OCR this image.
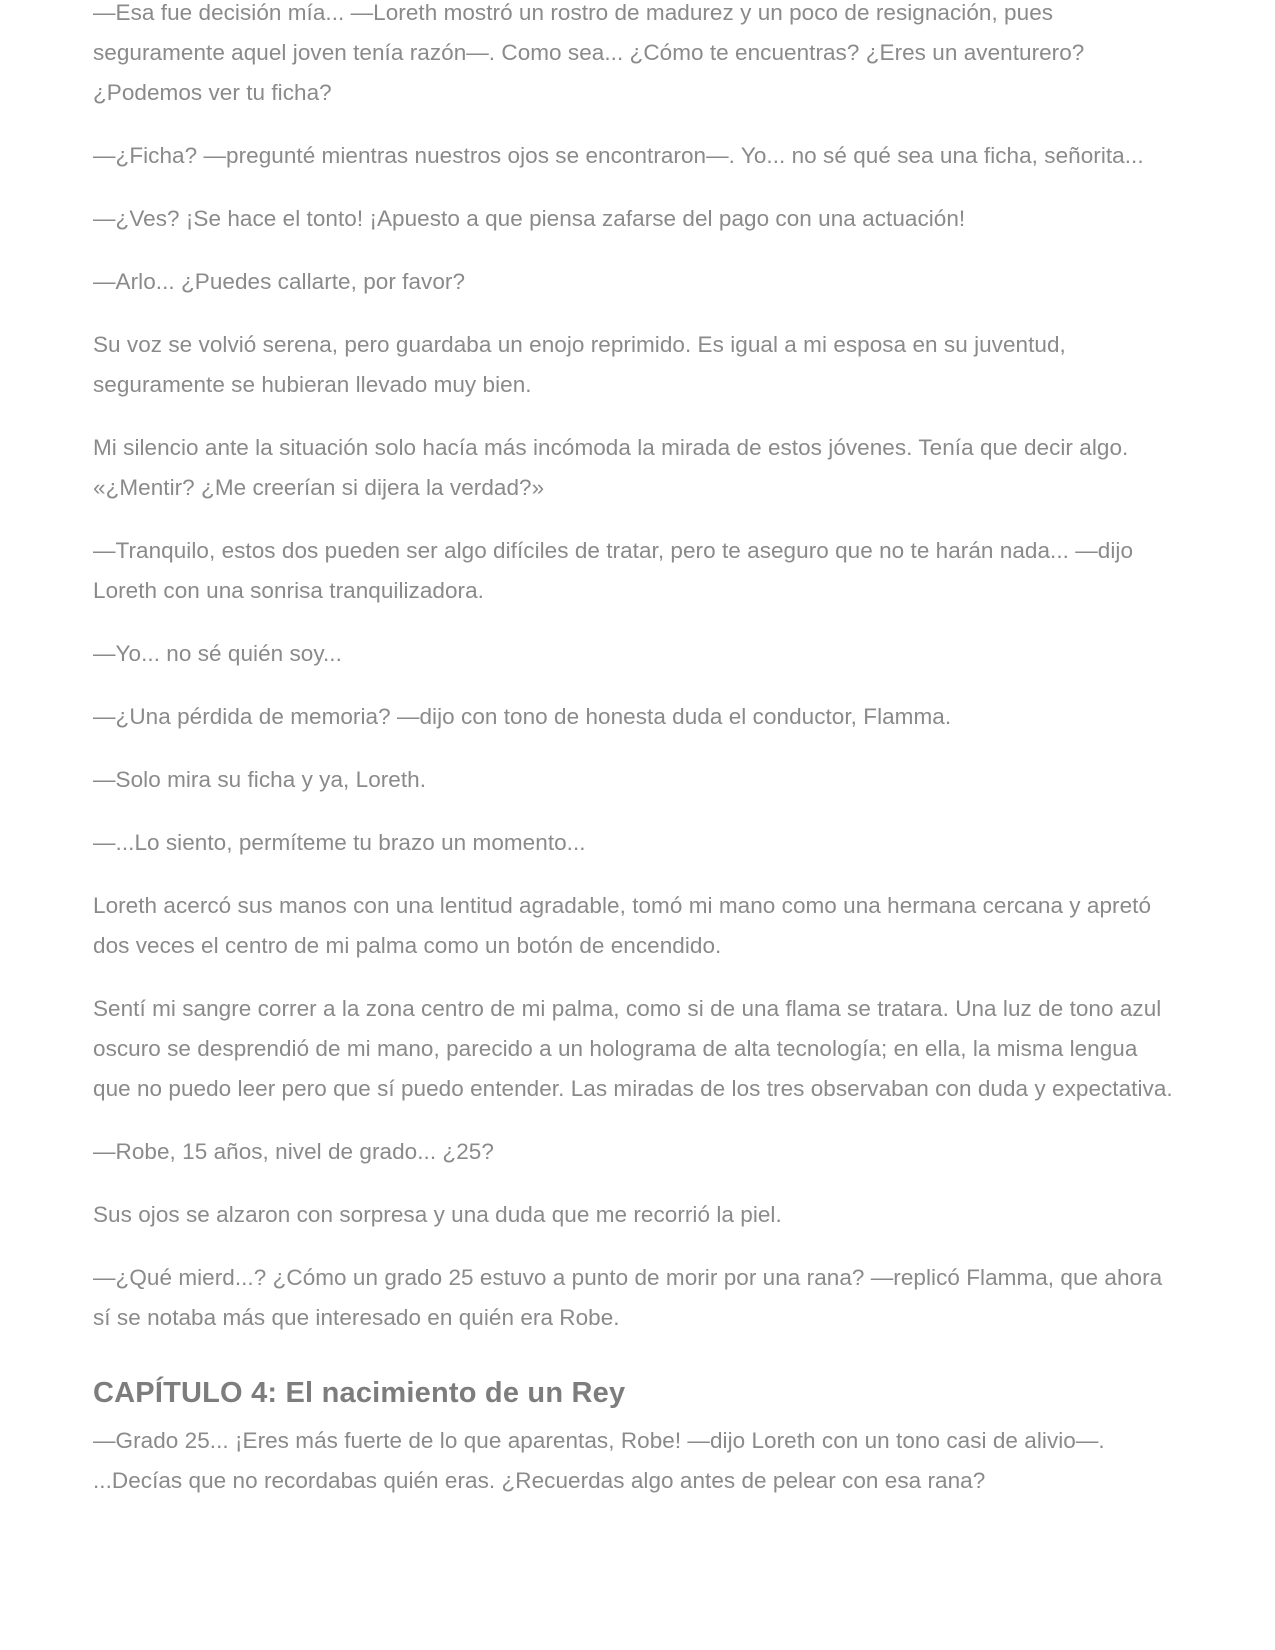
—Esa fue decisión mía... —Loreth mostró un rostro de madurez y un poco de resignación, pues seguramente aquel joven tenía razón—. Como sea... ¿Cómo te encuentras? ¿Eres un aventurero? ¿Podemos ver tu ficha?

—¿Ficha? —pregunté mientras nuestros ojos se encontraron—. Yo... no sé qué sea una ficha, señorita...

—¿Ves? ¡Se hace el tonto! ¡Apuesto a que piensa zafarse del pago con una actuación!

—Arlo... ¿Puedes callarte, por favor?

Su voz se volvió serena, pero guardaba un enojo reprimido. Es igual a mi esposa en su juventud, seguramente se hubieran llevado muy bien.

Mi silencio ante la situación solo hacía más incómoda la mirada de estos jóvenes. Tenía que decir algo. «¿Mentir? ¿Me creerían si dijera la verdad?»

—Tranquilo, estos dos pueden ser algo difíciles de tratar, pero te aseguro que no te harán nada... —dijo Loreth con una sonrisa tranquilizadora.

—Yo... no sé quién soy...

—¿Una pérdida de memoria? —dijo con tono de honesta duda el conductor, Flamma.

—Solo mira su ficha y ya, Loreth.

—...Lo siento, permíteme tu brazo un momento...

Loreth acercó sus manos con una lentitud agradable, tomó mi mano como una hermana cercana y apretó dos veces el centro de mi palma como un botón de encendido.

Sentí mi sangre correr a la zona centro de mi palma, como si de una flama se tratara. Una luz de tono azul oscuro se desprendió de mi mano, parecido a un holograma de alta tecnología; en ella, la misma lengua que no puedo leer pero que sí puedo entender. Las miradas de los tres observaban con duda y expectativa.

—Robe, 15 años, nivel de grado... ¿25?

Sus ojos se alzaron con sorpresa y una duda que me recorrió la piel.

—¿Qué mierd...? ¿Cómo un grado 25 estuvo a punto de morir por una rana? —replicó Flamma, que ahora sí se notaba más que interesado en quién era Robe.

CAPÍTULO 4: El nacimiento de un Rey

—Grado 25... ¡Eres más fuerte de lo que aparentas, Robe! —dijo Loreth con un tono casi de alivio—. ...Decías que no recordabas quién eras. ¿Recuerdas algo antes de pelear con esa rana?
